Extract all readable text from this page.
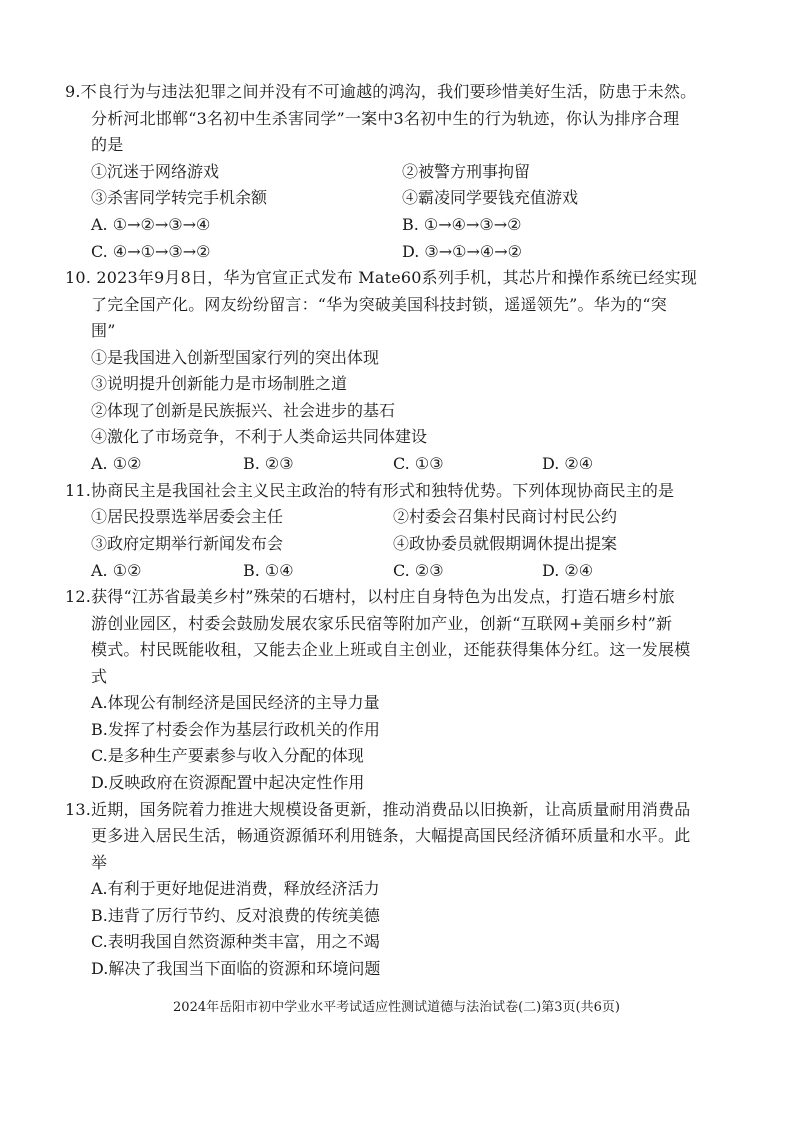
9.不良行为与违法犯罪之间并没有不可逾越的鸿沟，我们要珍惜美好生活，防患于未然。
分析河北邯郸“3名初中生杀害同学”一案中3名初中生的行为轨迹，你认为排序合理
的是
①沉迷于网络游戏	②被警方刑事拘留
③杀害同学转完手机余额	④霸凌同学要钱充值游戏
A. ①→②→③→④	B. ①→④→③→②
C. ④→①→③→②	D. ③→①→④→②
10. 2023年9月8日，华为官宣正式发布 Mate60系列手机，其芯片和操作系统已经实现
了完全国产化。网友纷纷留言：“华为突破美国科技封锁，遥遥领先”。华为的“突
围”
①是我国进入创新型国家行列的突出体现
③说明提升创新能力是市场制胜之道
②体现了创新是民族振兴、社会进步的基石
④激化了市场竞争，不利于人类命运共同体建设
A. ①②	B. ②③	C. ①③	D. ②④
11.协商民主是我国社会主义民主政治的特有形式和独特优势。下列体现协商民主的是
①居民投票选举居委会主任	②村委会召集村民商讨村民公约
③政府定期举行新闻发布会	④政协委员就假期调休提出提案
A. ①②	B. ①④	C. ②③	D. ②④
12.获得“江苏省最美乡村”殊荣的石塘村，以村庄自身特色为出发点，打造石塘乡村旅
游创业园区，村委会鼓励发展农家乐民宿等附加产业，创新“互联网+美丽乡村”新
模式。村民既能收租，又能去企业上班或自主创业，还能获得集体分红。这一发展模
式
A.体现公有制经济是国民经济的主导力量
B.发挥了村委会作为基层行政机关的作用
C.是多种生产要素参与收入分配的体现
D.反映政府在资源配置中起决定性作用
13.近期，国务院着力推进大规模设备更新，推动消费品以旧换新，让高质量耐用消费品
更多进入居民生活，畅通资源循环利用链条，大幅提高国民经济循环质量和水平。此
举
A.有利于更好地促进消费，释放经济活力
B.违背了厉行节约、反对浪费的传统美德
C.表明我国自然资源种类丰富，用之不竭
D.解决了我国当下面临的资源和环境问题
2024年岳阳市初中学业水平考试适应性测试道德与法治试卷(二)第3页(共6页)
